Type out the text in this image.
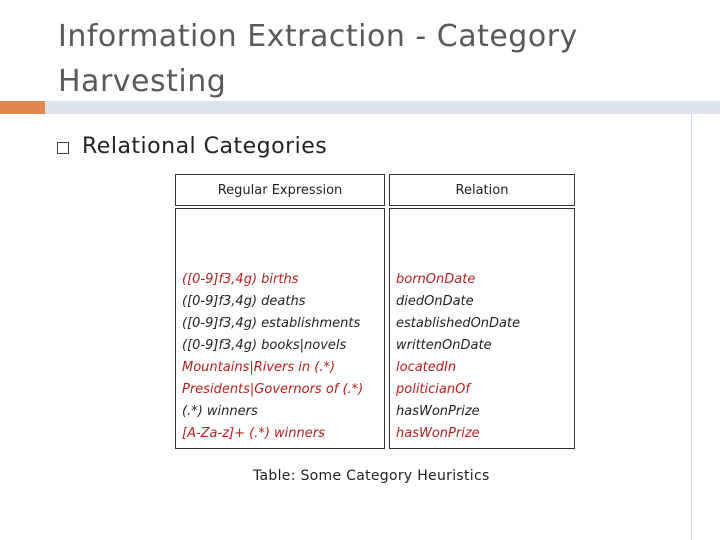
Information Extraction - Category Harvesting
Relational Categories
Regular Expression	Relation
([0-9]f3,4g) births
([0-9]f3,4g) deaths
([0-9]f3,4g) establishments
([0-9]f3,4g) books|novels
Mountains|Rivers in (.*)
Presidents|Governors of (.*)
(.*) winners
[A-Za-z]+ (.*) winners
bornOnDate
diedOnDate
establishedOnDate
writtenOnDate
locatedIn
politicianOf
hasWonPrize
hasWonPrize
Table: Some Category Heuristics
